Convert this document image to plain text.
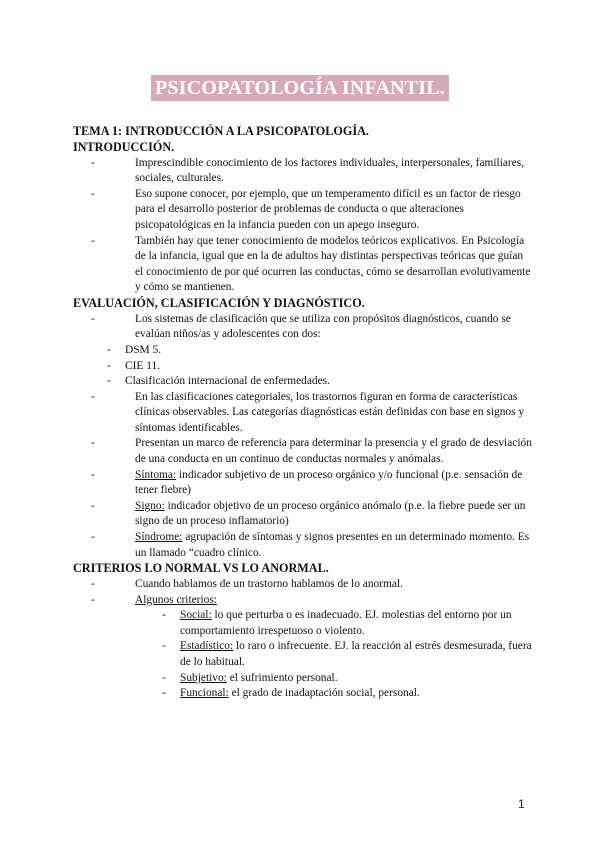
PSICOPATOLOGÍA INFANTIL.

TEMA 1: INTRODUCCIÓN A LA PSICOPATOLOGÍA.

INTRODUCCIÓN.

- Imprescindible conocimiento de los factores individuales, interpersonales, familiares, sociales, culturales.
- Eso supone conocer, por ejemplo, que un temperamento difícil es un factor de riesgo para el desarrollo posterior de problemas de conducta o que alteraciones psicopatológicas en la infancia pueden con un apego inseguro.
- También hay que tener conocimiento de modelos teóricos explicativos. En Psicología de la infancia, igual que en la de adultos hay distintas perspectivas teóricas que guían el conocimiento de por qué ocurren las conductas, cómo se desarrollan evolutivamente y cómo se mantienen.

EVALUACIÓN, CLASIFICACIÓN Y DIAGNÓSTICO.

- Los sistemas de clasificación que se utiliza con propósitos diagnósticos, cuando se evalúan niños/as y adolescentes con dos:
- DSM 5.
- CIE 11.
- Clasificación internacional de enfermedades.
- En las clasificaciones categoriales, los trastornos figuran en forma de características clínicas observables. Las categorías diagnósticas están definidas con base en signos y síntomas identificables.
- Presentan un marco de referencia para determinar la presencia y el grado de desviación de una conducta en un continuo de conductas normales y anómalas.
- Síntoma: indicador subjetivo de un proceso orgánico y/o funcional (p.e. sensación de tener fiebre)
- Signo: indicador objetivo de un proceso orgánico anómalo (p.e. la fiebre puede ser un signo de un proceso inflamatorio)
- Síndrome: agrupación de síntomas y signos presentes en un determinado momento. Es un llamado “cuadro clínico.

CRITERIOS LO NORMAL VS LO ANORMAL.

- Cuando hablamos de un trastorno hablamos de lo anormal.
- Algunos criterios:
- Social: lo que perturba o es inadecuado. EJ. molestias del entorno por un comportamiento irrespetuoso o violento.
- Estadístico: lo raro o infrecuente. EJ. la reacción al estrés desmesurada, fuera de lo habitual.
- Subjetivo: el sufrimiento personal.
- Funcional: el grado de inadaptación social, personal.
1
